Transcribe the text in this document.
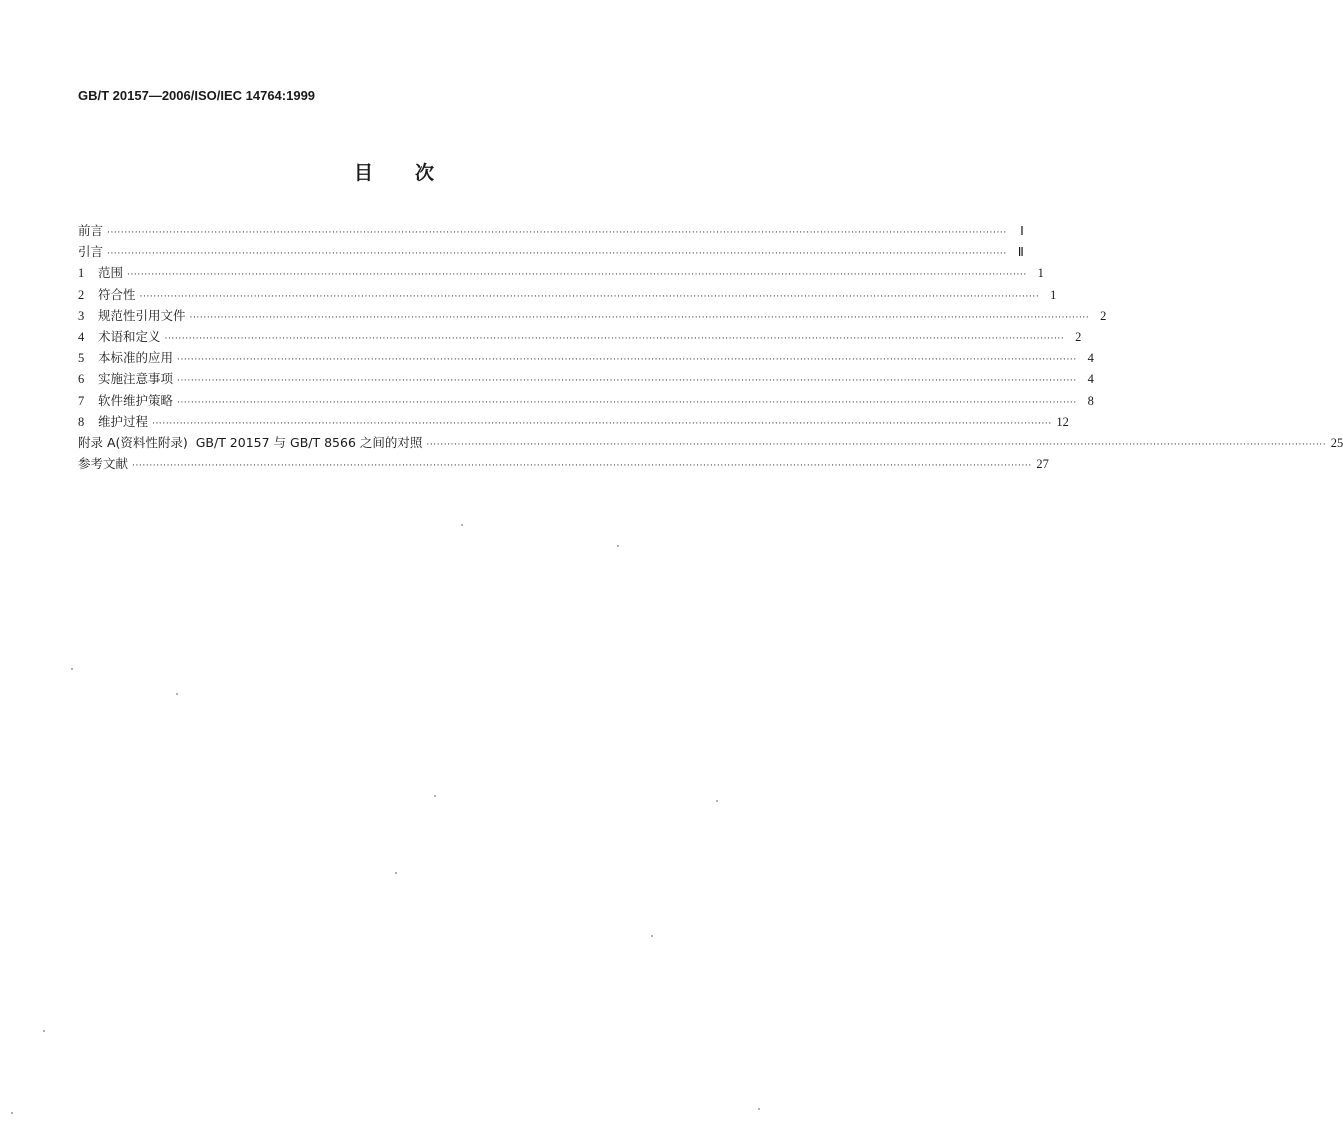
GB/T 20157—2006/ISO/IEC 14764:1999
目 次
前言 ····································································································································································································································································	Ⅰ
引言 ···································································································································································································································································· Ⅱ
1 范围 ···································································································································································································································································· 1
2 符合性 ···································································································································································································································································· 1
3 规范性引用文件 ···································································································································································································································································· 2
4 术语和定义 ···································································································································································································································································· 2
5 本标准的应用 ···································································································································································································································································· 4
6 实施注意事项 ···································································································································································································································································· 4
7 软件维护策略 ···································································································································································································································································· 8
8 维护过程 ···································································································································································································································································· 12
附录 A(资料性附录)  GB/T 20157 与 GB/T 8566 之间的对照 ···································································································································································································································································· 25
参考文献 ···································································································································································································································································· 27
